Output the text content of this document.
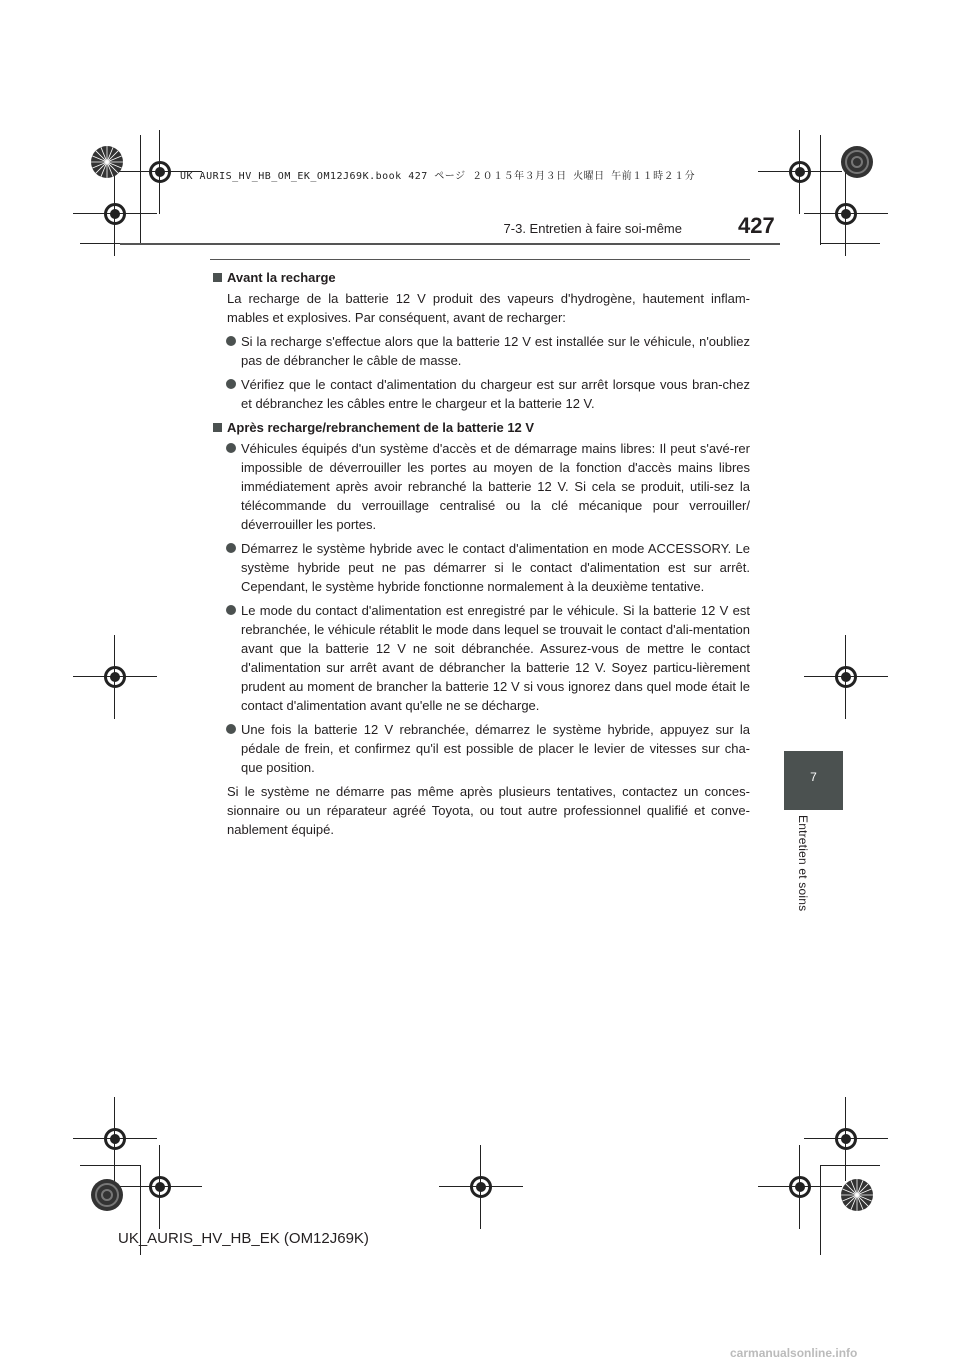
UK AURIS_HV_HB_OM_EK_OM12J69K.book 427 ページ ２０１５年３月３日 火曜日 午前１１時２１分
7-3. Entretien à faire soi-même	427
7
Entretien et soins
Avant la recharge

La recharge de la batterie 12 V produit des vapeurs d'hydrogène, hautement inflam-mables et explosives. Par conséquent, avant de recharger:

Si la recharge s'effectue alors que la batterie 12 V est installée sur le véhicule, n'oubliez pas de débrancher le câble de masse.

Vérifiez que le contact d'alimentation du chargeur est sur arrêt lorsque vous bran-chez et débranchez les câbles entre le chargeur et la batterie 12 V.

Après recharge/rebranchement de la batterie 12 V

Véhicules équipés d'un système d'accès et de démarrage mains libres: Il peut s'avé-rer impossible de déverrouiller les portes au moyen de la fonction d'accès mains libres immédiatement après avoir rebranché la batterie 12 V. Si cela se produit, utili-sez la télécommande du verrouillage centralisé ou la clé mécanique pour verrouiller/ déverrouiller les portes.

Démarrez le système hybride avec le contact d'alimentation en mode ACCESSORY. Le système hybride peut ne pas démarrer si le contact d'alimentation est sur arrêt. Cependant, le système hybride fonctionne normalement à la deuxième tentative.

Le mode du contact d'alimentation est enregistré par le véhicule. Si la batterie 12 V est rebranchée, le véhicule rétablit le mode dans lequel se trouvait le contact d'ali-mentation avant que la batterie 12 V ne soit débranchée. Assurez-vous de mettre le contact d'alimentation sur arrêt avant de débrancher la batterie 12 V. Soyez particu-lièrement prudent au moment de brancher la batterie 12 V si vous ignorez dans quel mode était le contact d'alimentation avant qu'elle ne se décharge.

Une fois la batterie 12 V rebranchée, démarrez le système hybride, appuyez sur la pédale de frein, et confirmez qu'il est possible de placer le levier de vitesses sur cha-que position.

Si le système ne démarre pas même après plusieurs tentatives, contactez un conces-sionnaire ou un réparateur agréé Toyota, ou tout autre professionnel qualifié et conve-nablement équipé.

UK_AURIS_HV_HB_EK (OM12J69K)
carmanualsonline.info
